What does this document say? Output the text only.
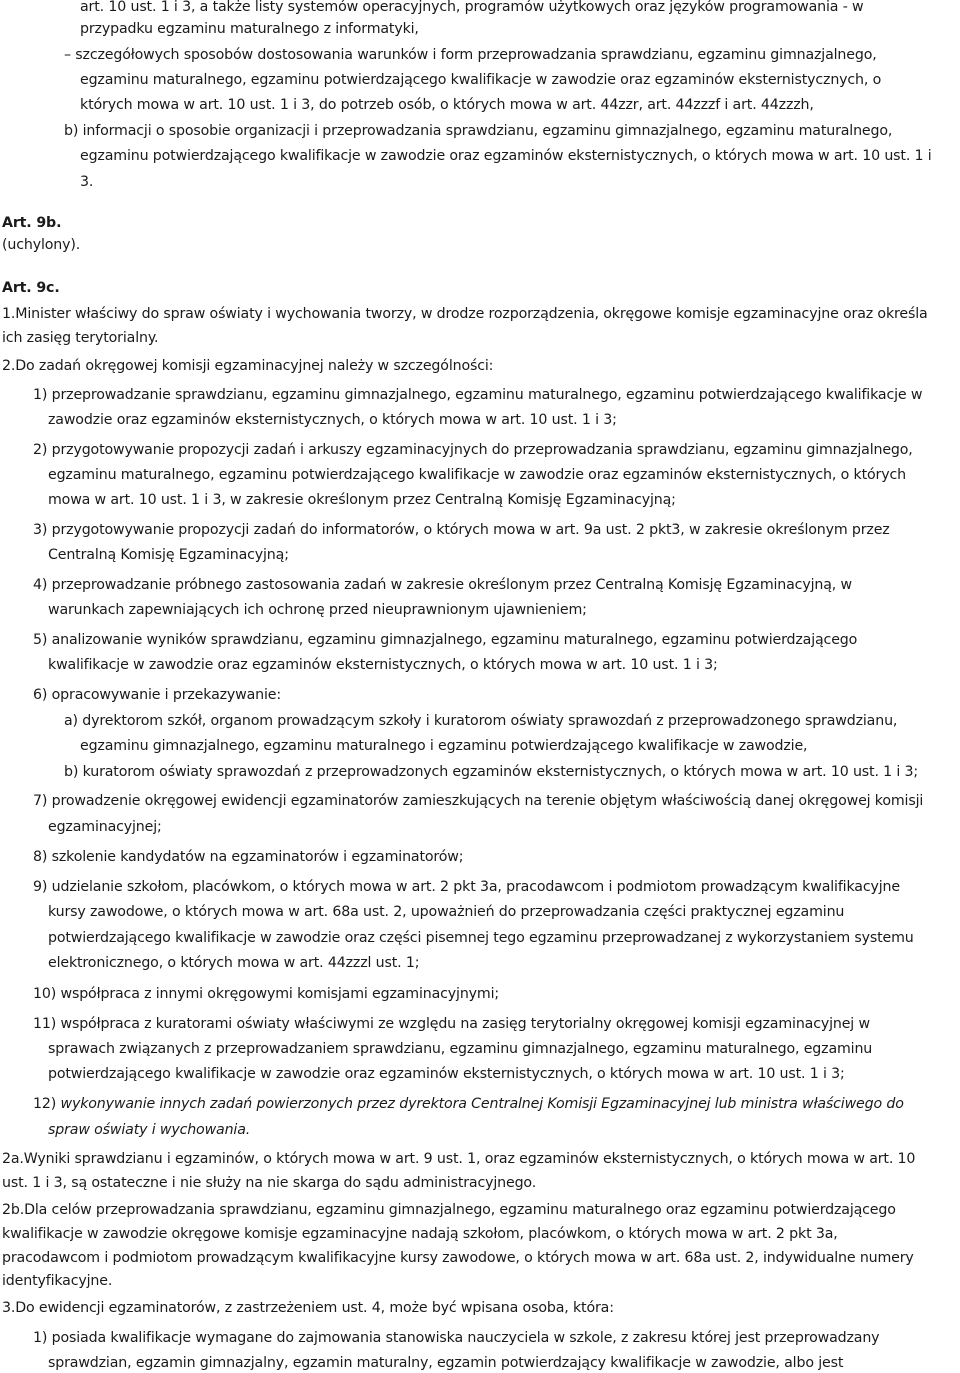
art. 10 ust. 1 i 3, a także listy systemów operacyjnych, programów użytkowych oraz języków programowania - w
przypadku egzaminu maturalnego z informatyki,
– szczegółowych sposobów dostosowania warunków i form przeprowadzania sprawdzianu, egzaminu gimnazjalnego,
egzaminu maturalnego, egzaminu potwierdzającego kwalifikacje w zawodzie oraz egzaminów eksternistycznych, o
których mowa w art. 10 ust. 1 i 3, do potrzeb osób, o których mowa w art. 44zzr, art. 44zzzf i art. 44zzzh,
b) informacji o sposobie organizacji i przeprowadzania sprawdzianu, egzaminu gimnazjalnego, egzaminu maturalnego,
egzaminu potwierdzającego kwalifikacje w zawodzie oraz egzaminów eksternistycznych, o których mowa w art. 10 ust. 1 i
3.
Art. 9b.
(uchylony).
Art. 9c.
1.Minister właściwy do spraw oświaty i wychowania tworzy, w drodze rozporządzenia, okręgowe komisje egzaminacyjne oraz określa
ich zasięg terytorialny.
2.Do zadań okręgowej komisji egzaminacyjnej należy w szczególności:
1) przeprowadzanie sprawdzianu, egzaminu gimnazjalnego, egzaminu maturalnego, egzaminu potwierdzającego kwalifikacje w
zawodzie oraz egzaminów eksternistycznych, o których mowa w art. 10 ust. 1 i 3;
2) przygotowywanie propozycji zadań i arkuszy egzaminacyjnych do przeprowadzania sprawdzianu, egzaminu gimnazjalnego,
egzaminu maturalnego, egzaminu potwierdzającego kwalifikacje w zawodzie oraz egzaminów eksternistycznych, o których
mowa w art. 10 ust. 1 i 3, w zakresie określonym przez Centralną Komisję Egzaminacyjną;
3) przygotowywanie propozycji zadań do informatorów, o których mowa w art. 9a ust. 2 pkt3, w zakresie określonym przez
Centralną Komisję Egzaminacyjną;
4) przeprowadzanie próbnego zastosowania zadań w zakresie określonym przez Centralną Komisję Egzaminacyjną, w
warunkach zapewniających ich ochronę przed nieuprawnionym ujawnieniem;
5) analizowanie wyników sprawdzianu, egzaminu gimnazjalnego, egzaminu maturalnego, egzaminu potwierdzającego
kwalifikacje w zawodzie oraz egzaminów eksternistycznych, o których mowa w art. 10 ust. 1 i 3;
6) opracowywanie i przekazywanie:
a) dyrektorom szkół, organom prowadzącym szkoły i kuratorom oświaty sprawozdań z przeprowadzonego sprawdzianu,
egzaminu gimnazjalnego, egzaminu maturalnego i egzaminu potwierdzającego kwalifikacje w zawodzie,
b) kuratorom oświaty sprawozdań z przeprowadzonych egzaminów eksternistycznych, o których mowa w art. 10 ust. 1 i 3;
7) prowadzenie okręgowej ewidencji egzaminatorów zamieszkujących na terenie objętym właściwością danej okręgowej komisji
egzaminacyjnej;
8) szkolenie kandydatów na egzaminatorów i egzaminatorów;
9) udzielanie szkołom, placówkom, o których mowa w art. 2 pkt 3a, pracodawcom i podmiotom prowadzącym kwalifikacyjne
kursy zawodowe, o których mowa w art. 68a ust. 2, upoważnień do przeprowadzania części praktycznej egzaminu
potwierdzającego kwalifikacje w zawodzie oraz części pisemnej tego egzaminu przeprowadzanej z wykorzystaniem systemu
elektronicznego, o których mowa w art. 44zzzl ust. 1;
10) współpraca z innymi okręgowymi komisjami egzaminacyjnymi;
11) współpraca z kuratorami oświaty właściwymi ze względu na zasięg terytorialny okręgowej komisji egzaminacyjnej w
sprawach związanych z przeprowadzaniem sprawdzianu, egzaminu gimnazjalnego, egzaminu maturalnego, egzaminu
potwierdzającego kwalifikacje w zawodzie oraz egzaminów eksternistycznych, o których mowa w art. 10 ust. 1 i 3;
12) wykonywanie innych zadań powierzonych przez dyrektora Centralnej Komisji Egzaminacyjnej lub ministra właściwego do
spraw oświaty i wychowania.
2a.Wyniki sprawdzianu i egzaminów, o których mowa w art. 9 ust. 1, oraz egzaminów eksternistycznych, o których mowa w art. 10
ust. 1 i 3, są ostateczne i nie służy na nie skarga do sądu administracyjnego.
2b.Dla celów przeprowadzania sprawdzianu, egzaminu gimnazjalnego, egzaminu maturalnego oraz egzaminu potwierdzającego
kwalifikacje w zawodzie okręgowe komisje egzaminacyjne nadają szkołom, placówkom, o których mowa w art. 2 pkt 3a,
pracodawcom i podmiotom prowadzącym kwalifikacyjne kursy zawodowe, o których mowa w art. 68a ust. 2, indywidualne numery
identyfikacyjne.
3.Do ewidencji egzaminatorów, z zastrzeżeniem ust. 4, może być wpisana osoba, która:
1) posiada kwalifikacje wymagane do zajmowania stanowiska nauczyciela w szkole, z zakresu której jest przeprowadzany
sprawdzian, egzamin gimnazjalny, egzamin maturalny, egzamin potwierdzający kwalifikacje w zawodzie, albo jest
